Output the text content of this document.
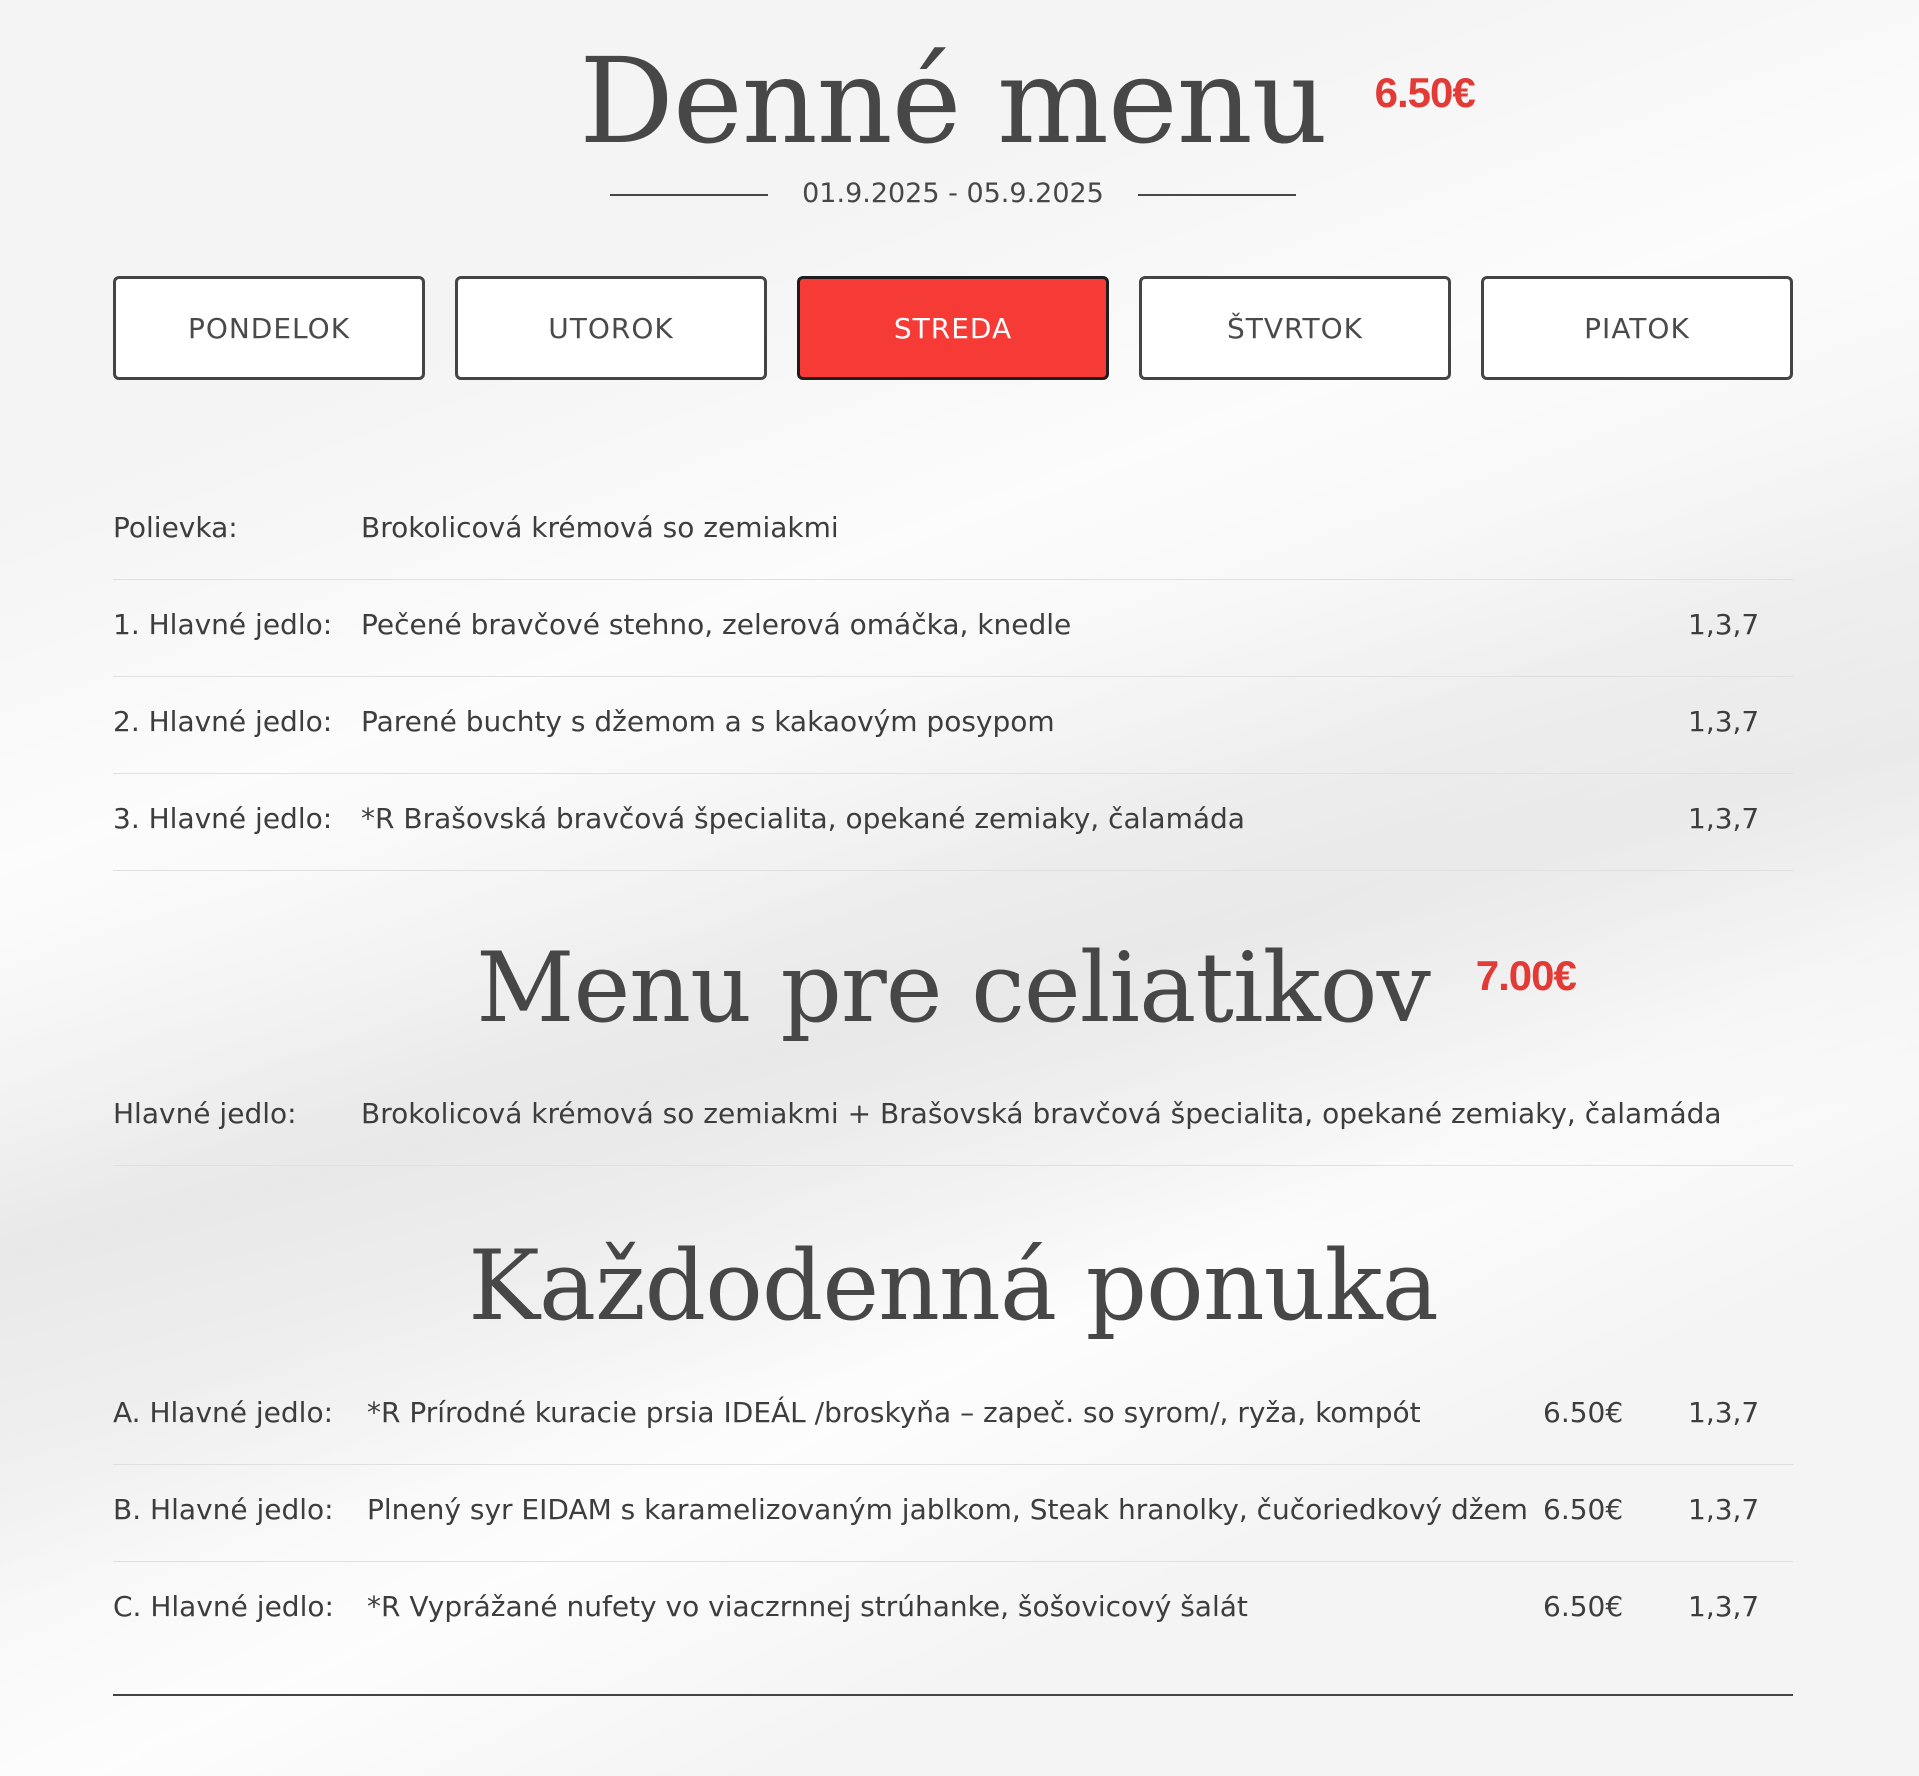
Denné menu 6.50€
01.9.2025 - 05.9.2025
PONDELOK	UTOROK	STREDA	ŠTVRTOK	PIATOK
Polievka:	Brokolicová krémová so zemiakmi
1. Hlavné jedlo: Pečené bravčové stehno, zelerová omáčka, knedle	1,3,7
2. Hlavné jedlo: Parené buchty s džemom a s kakaovým posypom	1,3,7
3. Hlavné jedlo: *R Brašovská bravčová špecialita, opekané zemiaky, čalamáda	1,3,7
Menu pre celiatikov 7.00€
Hlavné jedlo: Brokolicová krémová so zemiakmi + Brašovská bravčová špecialita, opekané zemiaky, čalamáda
Každodenná ponuka
A. Hlavné jedlo: *R Prírodné kuracie prsia IDEÁL /broskyňa – zapeč. so syrom/, ryža, kompót	6.50€ 1,3,7
B. Hlavné jedlo: Plnený syr EIDAM s karamelizovaným jablkom, Steak hranolky, čučoriedkový džem 6.50€ 1,3,7
C. Hlavné jedlo: *R Vyprážané nufety vo viaczrnnej strúhanke, šošovicový šalát	6.50€ 1,3,7
